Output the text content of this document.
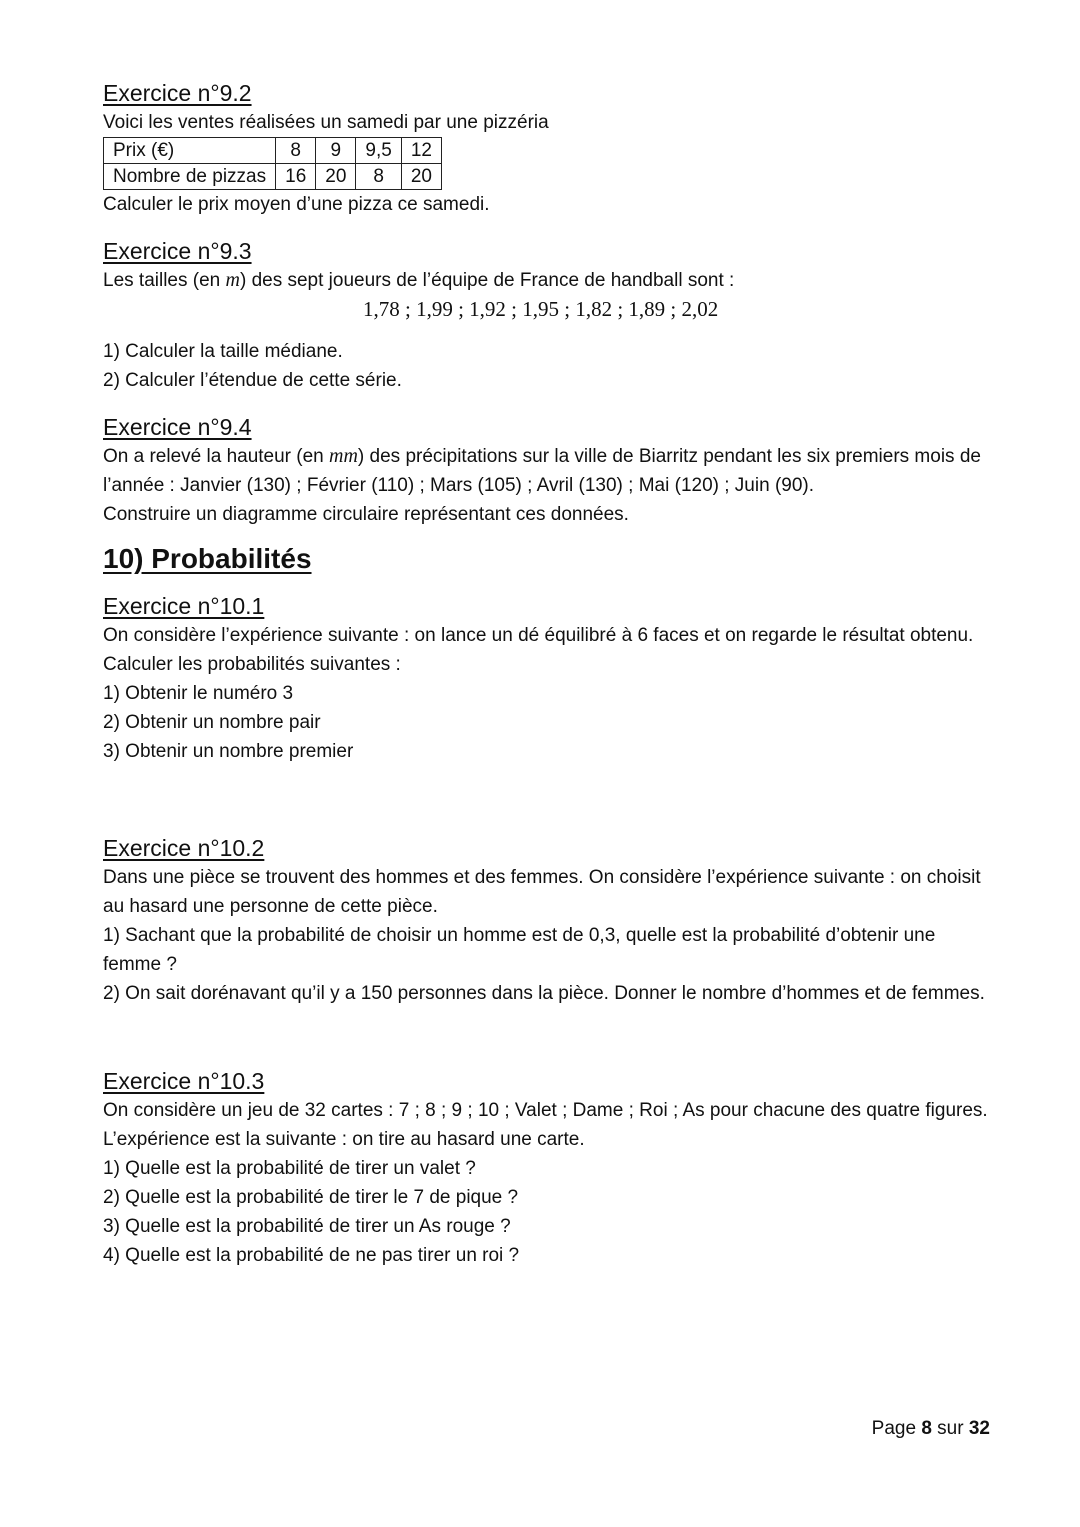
Exercice n°9.2

Voici les ventes réalisées un samedi par une pizzéria

Prix (€)	8	9	9,5	12
Nombre de pizzas	16	20	8	20

Calculer le prix moyen d’une pizza ce samedi.

Exercice n°9.3

Les tailles (en m) des sept joueurs de l’équipe de France de handball sont :

1,78 ; 1,99 ; 1,92 ; 1,95 ; 1,82 ; 1,89 ; 2,02

1) Calculer la taille médiane.

2) Calculer l’étendue de cette série.

Exercice n°9.4

On a relevé la hauteur (en mm) des précipitations sur la ville de Biarritz pendant les six premiers mois de l’année : Janvier (130) ; Février (110) ; Mars (105) ; Avril (130) ; Mai (120) ; Juin (90).

Construire un diagramme circulaire représentant ces données.

10) Probabilités
Exercice n°10.1

On considère l’expérience suivante : on lance un dé équilibré à 6 faces et on regarde le résultat obtenu. Calculer les probabilités suivantes :

1) Obtenir le numéro 3

2) Obtenir un nombre pair

3) Obtenir un nombre premier

Exercice n°10.2

Dans une pièce se trouvent des hommes et des femmes. On considère l’expérience suivante : on choisit au hasard une personne de cette pièce.

1) Sachant que la probabilité de choisir un homme est de 0,3, quelle est la probabilité d’obtenir une femme ?

2) On sait dorénavant qu’il y a 150 personnes dans la pièce. Donner le nombre d’hommes et de femmes.

Exercice n°10.3

On considère un jeu de 32 cartes : 7 ; 8 ; 9 ; 10 ; Valet ; Dame ; Roi ; As pour chacune des quatre figures. L’expérience est la suivante : on tire au hasard une carte.

1) Quelle est la probabilité de tirer un valet ?

2) Quelle est la probabilité de tirer le 7 de pique ?

3) Quelle est la probabilité de tirer un As rouge ?

4) Quelle est la probabilité de ne pas tirer un roi ?

Page 8 sur 32
